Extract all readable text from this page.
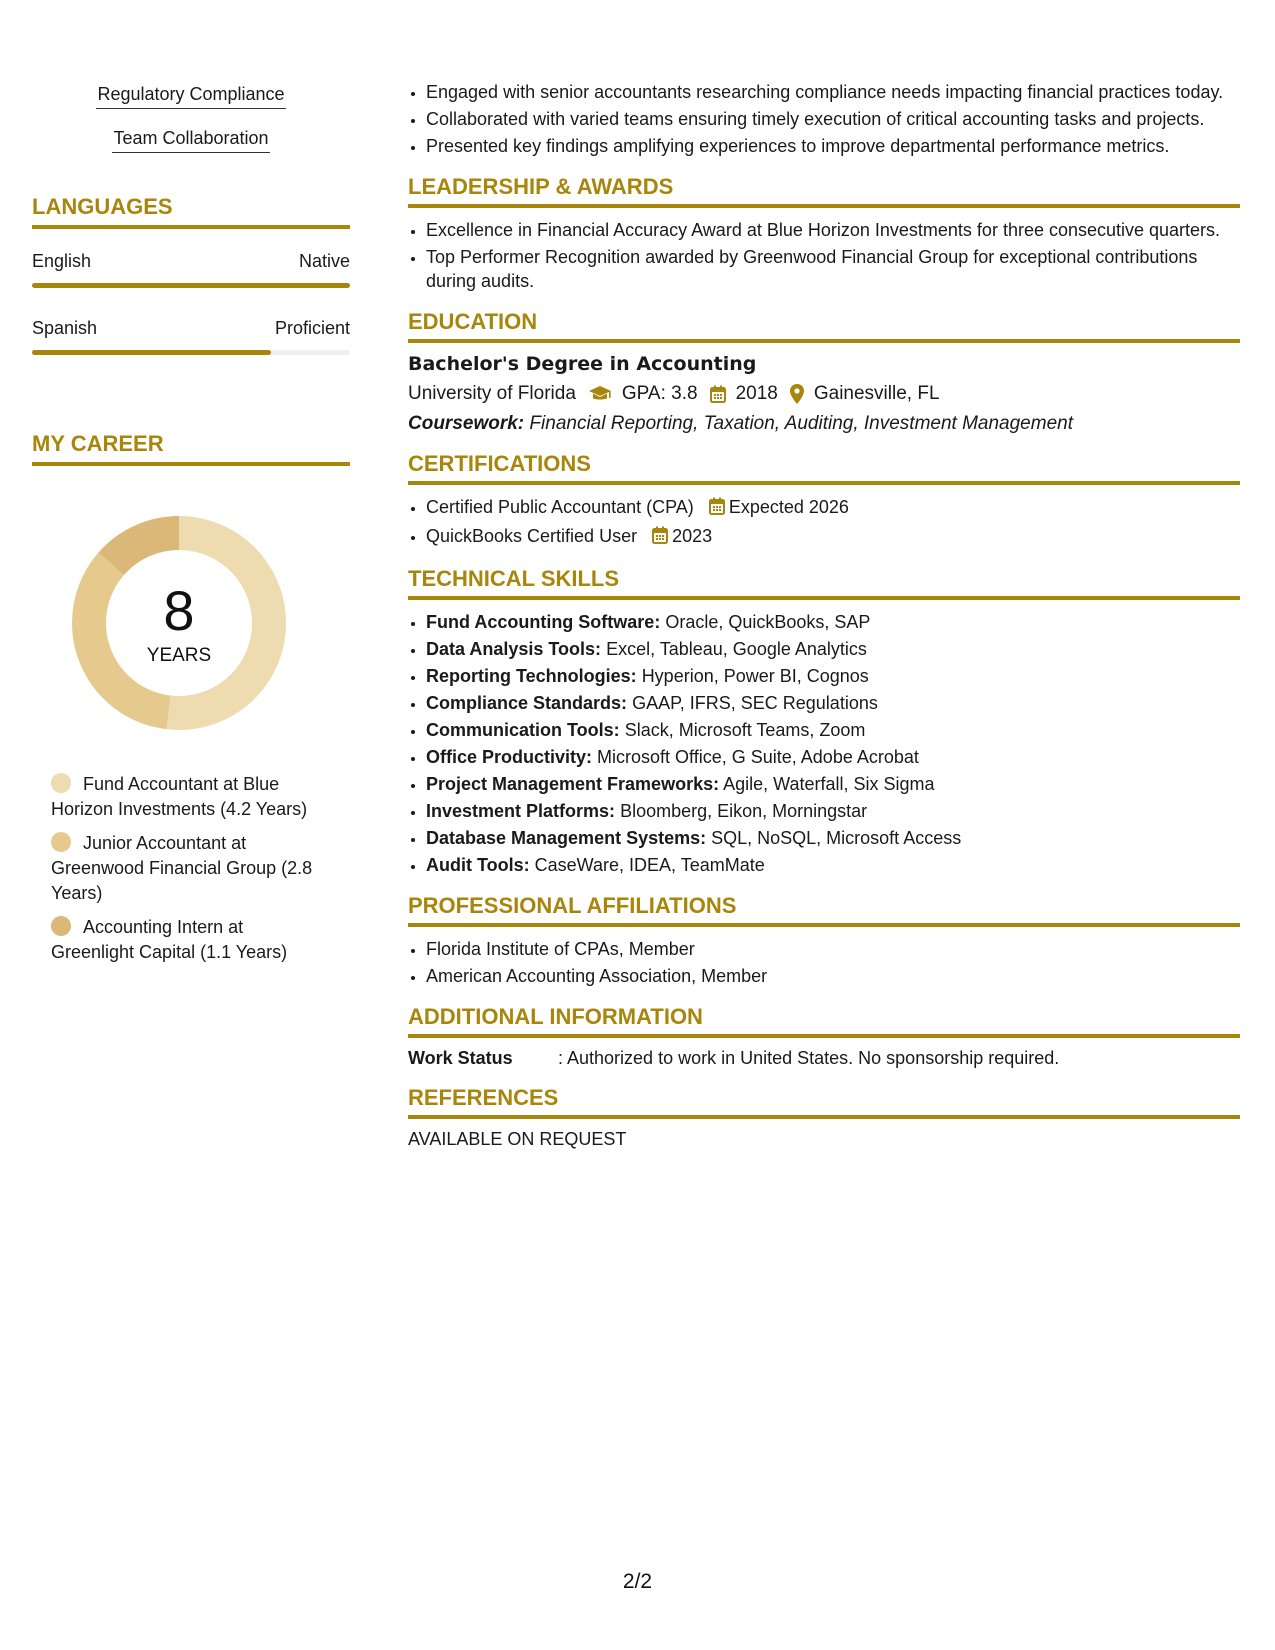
Regulatory Compliance
Team Collaboration
LANGUAGES
English	Native
Spanish	Proficient
MY CAREER
8
YEARS
Fund Accountant at Blue Horizon Investments (4.2 Years)
Junior Accountant at Greenwood Financial Group (2.8 Years)
Accounting Intern at Greenlight Capital (1.1 Years)
• Engaged with senior accountants researching compliance needs impacting financial practices today.
• Collaborated with varied teams ensuring timely execution of critical accounting tasks and projects.
• Presented key findings amplifying experiences to improve departmental performance metrics.
LEADERSHIP & AWARDS
• Excellence in Financial Accuracy Award at Blue Horizon Investments for three consecutive quarters.
• Top Performer Recognition awarded by Greenwood Financial Group for exceptional contributions during audits.
EDUCATION
Bachelor's Degree in Accounting
University of Florida GPA: 3.8 2018 Gainesville, FL
Coursework: Financial Reporting, Taxation, Auditing, Investment Management
CERTIFICATIONS
• Certified Public Accountant (CPA) Expected 2026
• QuickBooks Certified User 2023
TECHNICAL SKILLS
• Fund Accounting Software: Oracle, QuickBooks, SAP
• Data Analysis Tools: Excel, Tableau, Google Analytics
• Reporting Technologies: Hyperion, Power BI, Cognos
• Compliance Standards: GAAP, IFRS, SEC Regulations
• Communication Tools: Slack, Microsoft Teams, Zoom
• Office Productivity: Microsoft Office, G Suite, Adobe Acrobat
• Project Management Frameworks: Agile, Waterfall, Six Sigma
• Investment Platforms: Bloomberg, Eikon, Morningstar
• Database Management Systems: SQL, NoSQL, Microsoft Access
• Audit Tools: CaseWare, IDEA, TeamMate
PROFESSIONAL AFFILIATIONS
• Florida Institute of CPAs, Member
• American Accounting Association, Member
ADDITIONAL INFORMATION
Work Status	: Authorized to work in United States. No sponsorship required.
REFERENCES
AVAILABLE ON REQUEST
2/2
